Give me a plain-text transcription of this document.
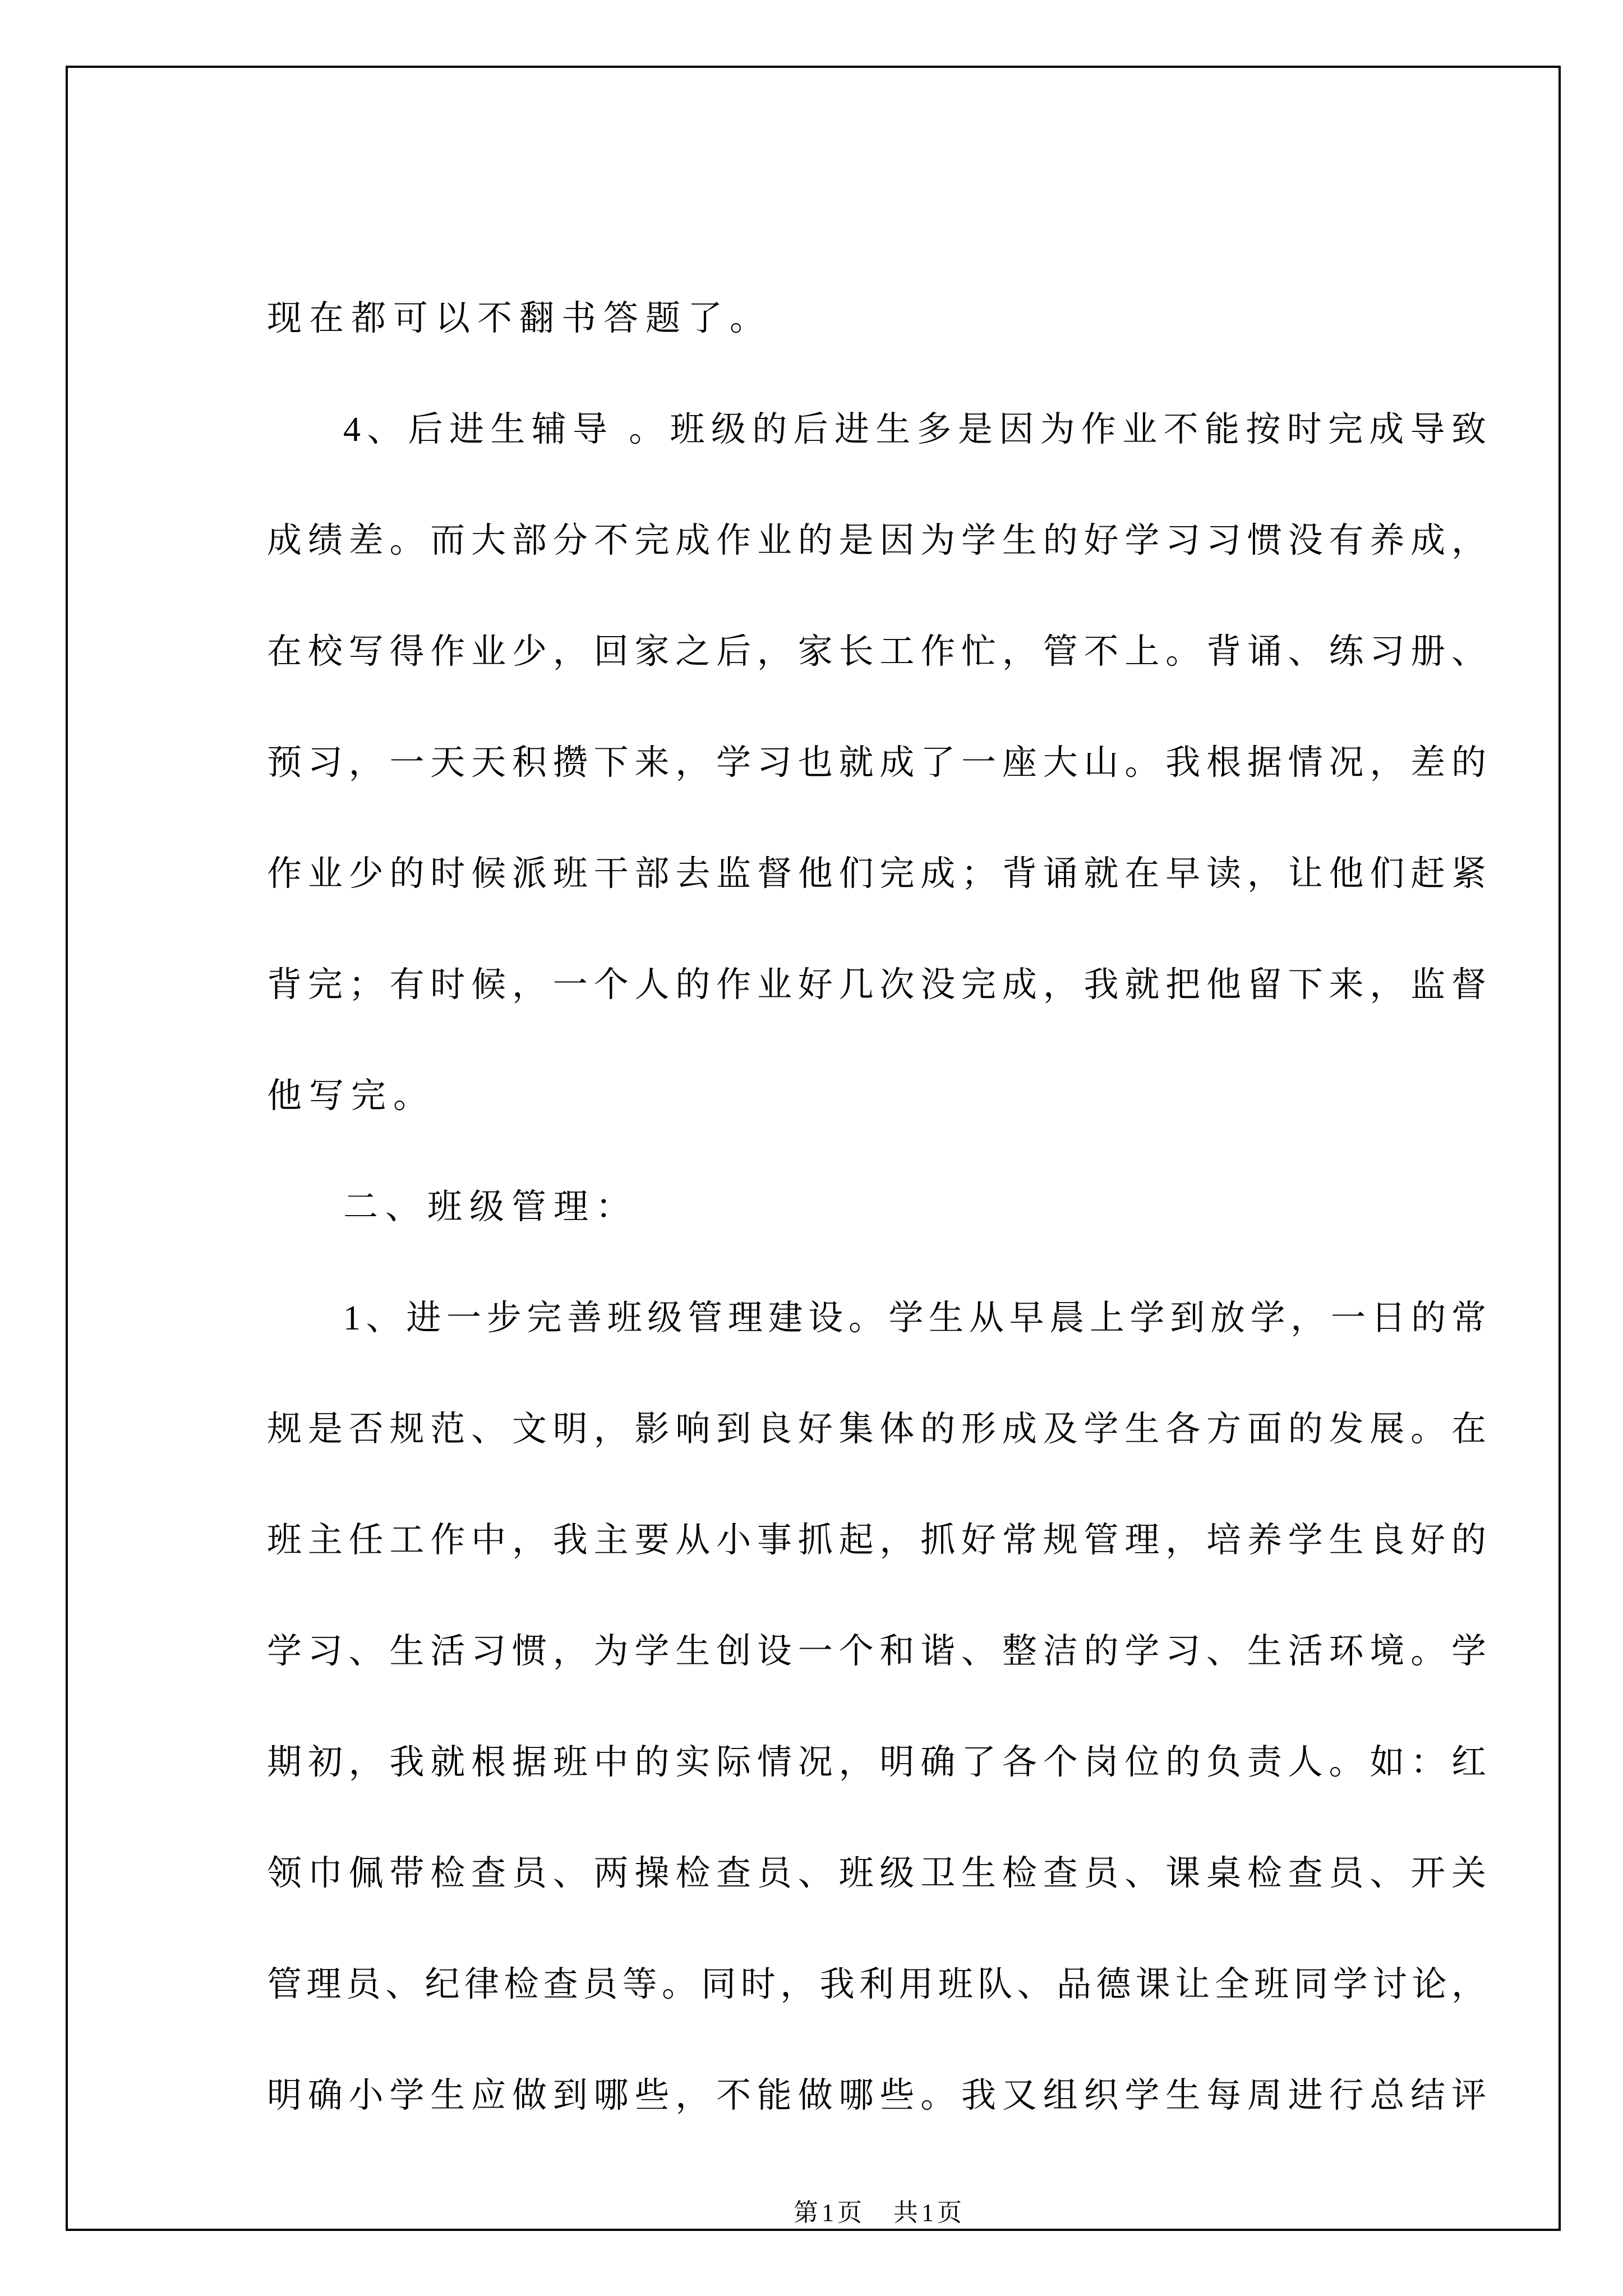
现在都可以不翻书答题了。
4、后进生辅导 。班级的后进生多是因为作业不能按时完成导致
成绩差。而大部分不完成作业的是因为学生的好学习习惯没有养成，
在校写得作业少，回家之后，家长工作忙，管不上。背诵、练习册、
预习，一天天积攒下来，学习也就成了一座大山。我根据情况，差的
作业少的时候派班干部去监督他们完成；背诵就在早读，让他们赶紧
背完；有时候，一个人的作业好几次没完成，我就把他留下来，监督
他写完。
二、班级管理：
1、进一步完善班级管理建设。学生从早晨上学到放学，一日的常
规是否规范、文明，影响到良好集体的形成及学生各方面的发展。在
班主任工作中，我主要从小事抓起，抓好常规管理，培养学生良好的
学习、生活习惯，为学生创设一个和谐、整洁的学习、生活环境。学
期初，我就根据班中的实际情况，明确了各个岗位的负责人。如：红
领巾佩带检查员、两操检查员、班级卫生检查员、课桌检查员、开关
管理员、纪律检查员等。同时，我利用班队、品德课让全班同学讨论，
明确小学生应做到哪些，不能做哪些。我又组织学生每周进行总结评
第1页　共1页
